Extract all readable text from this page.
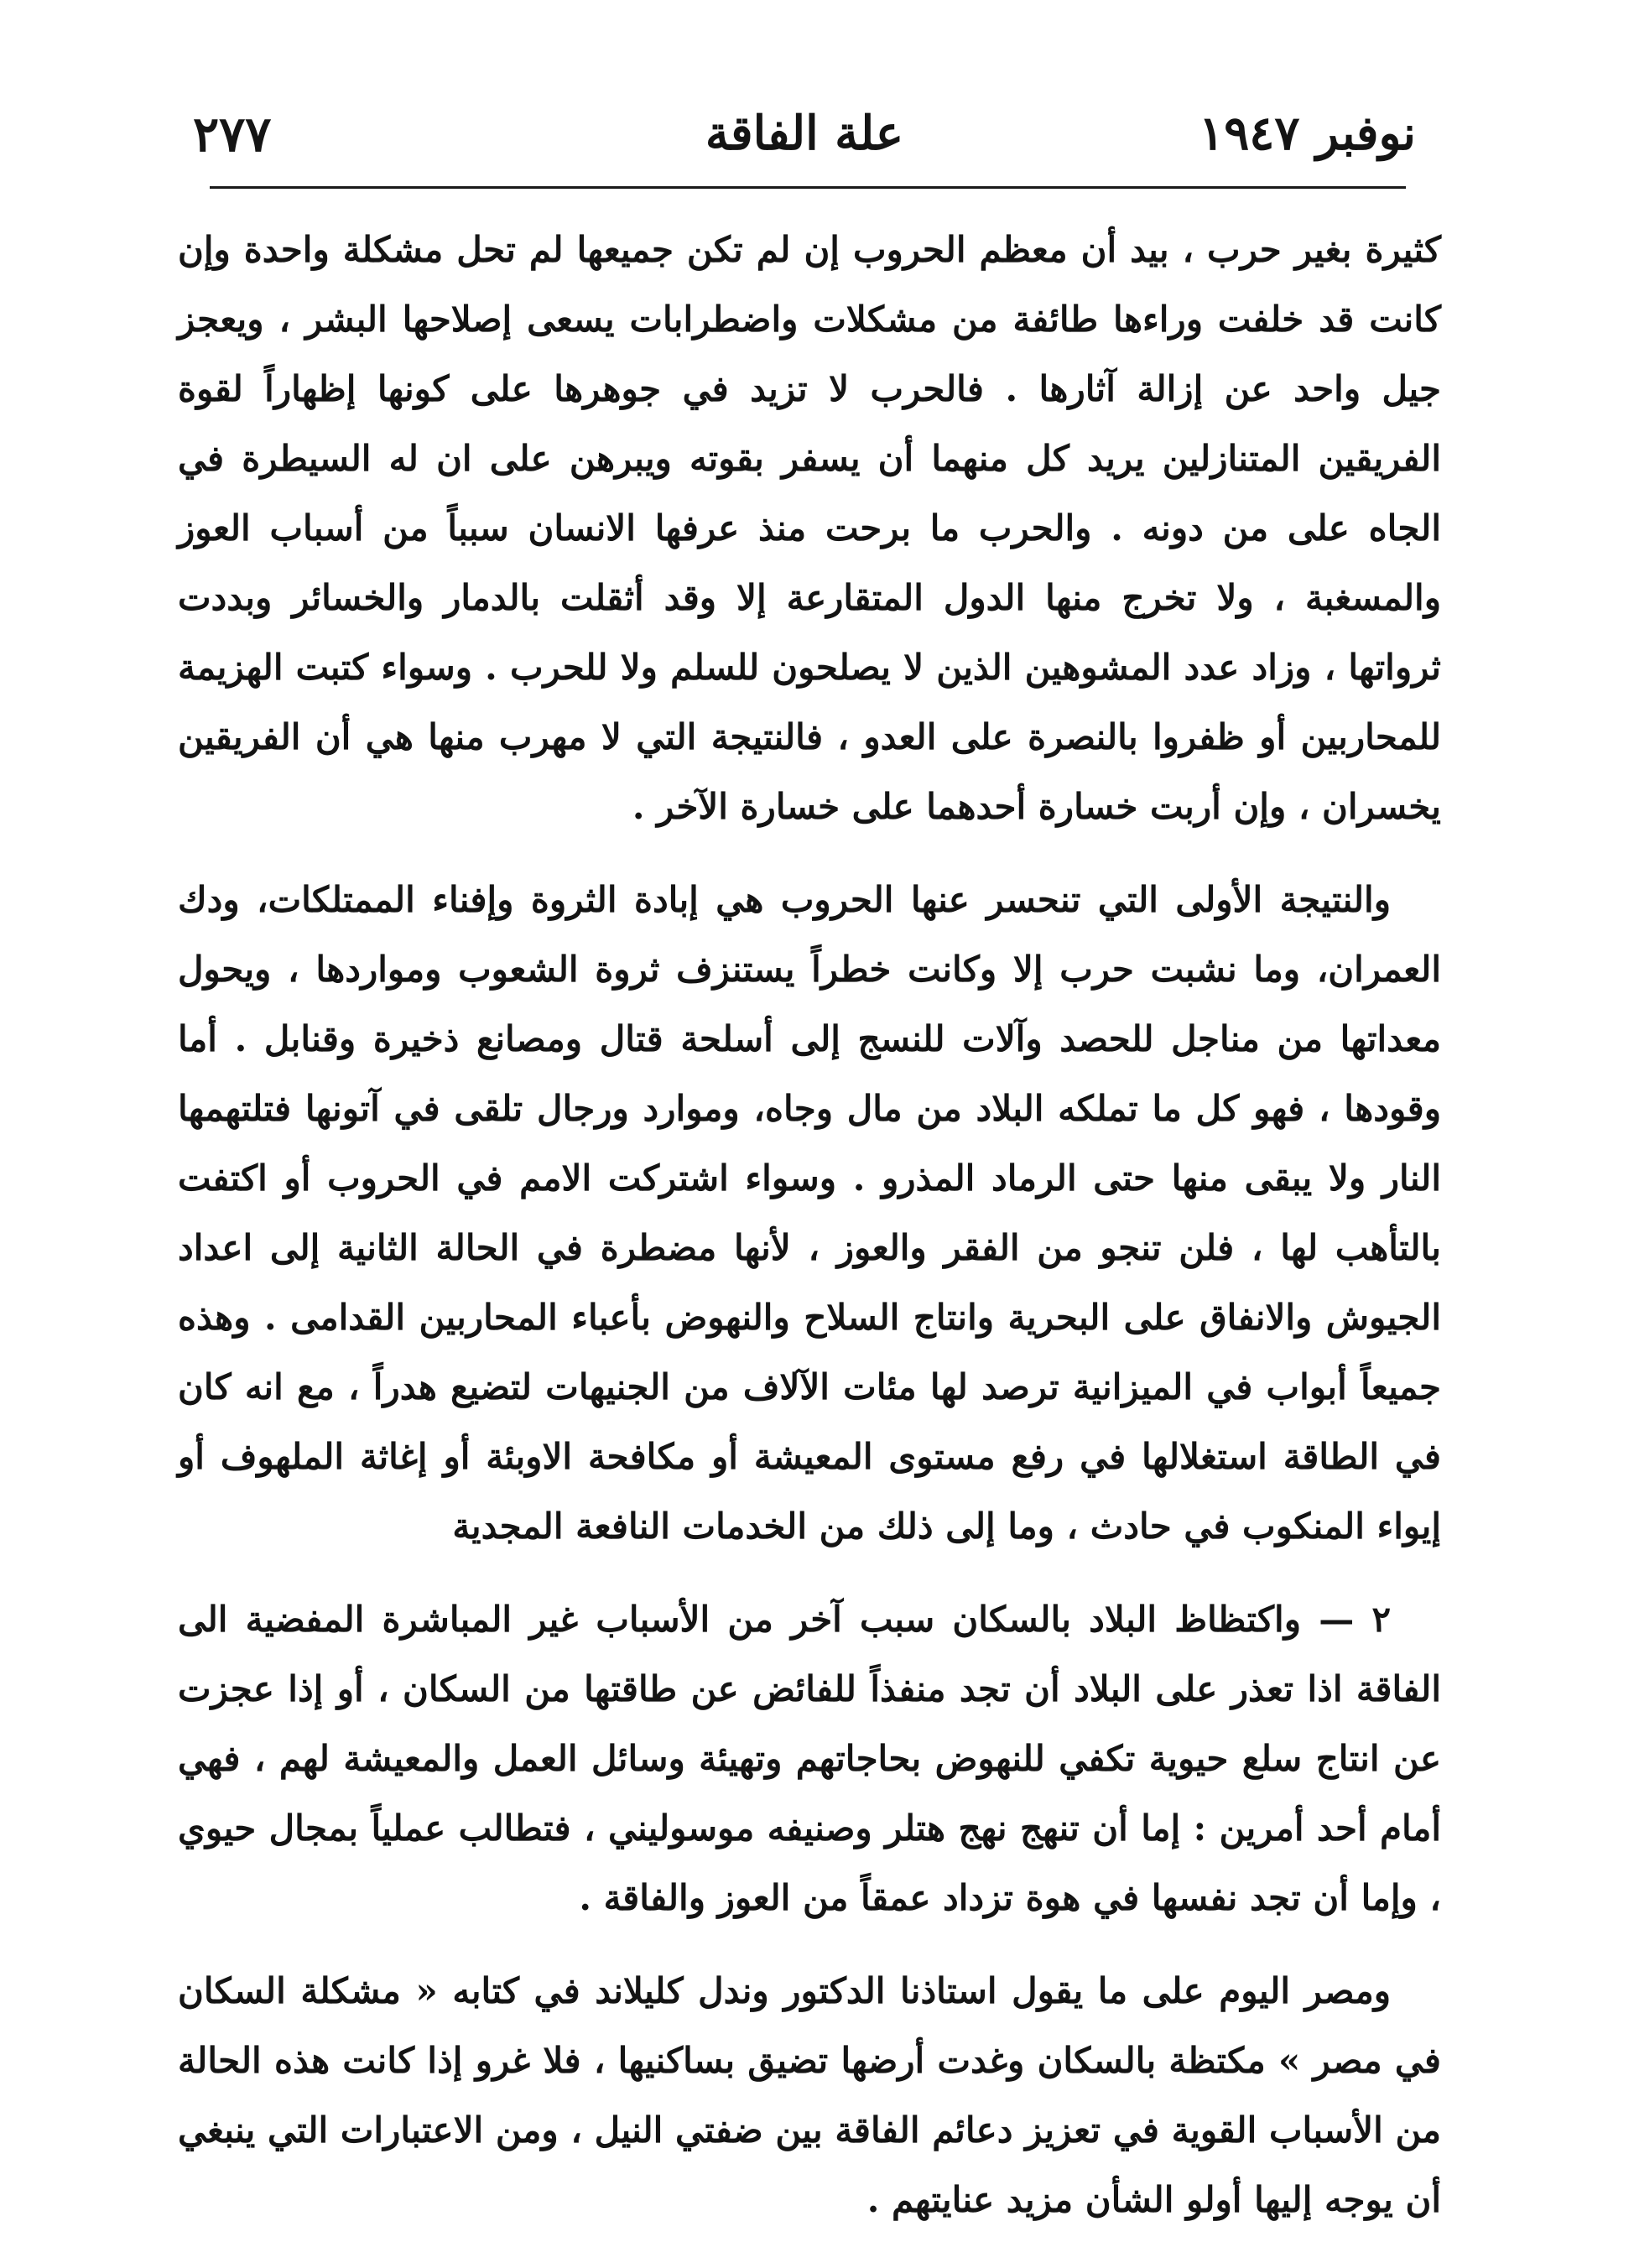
٢٧٧	علة الفاقة	نوفبر ١٩٤٧

كثيرة بغير حرب ، بيد أن معظم الحروب إن لم تكن جميعها لم تحل مشكلة واحدة وإن كانت قد خلفت وراءها طائفة من مشكلات واضطرابات يسعى إصلاحها البشر ، ويعجز جيل واحد عن إزالة آثارها . فالحرب لا تزيد في جوهرها على كونها إظهاراً لقوة الفريقين المتنازلين يريد كل منهما أن يسفر بقوته ويبرهن على ان له السيطرة في الجاه على من دونه . والحرب ما برحت منذ عرفها الانسان سبباً من أسباب العوز والمسغبة ، ولا تخرج منها الدول المتقارعة إلا وقد أثقلت بالدمار والخسائر وبددت ثرواتها ، وزاد عدد المشوهين الذين لا يصلحون للسلم ولا للحرب . وسواء كتبت الهزيمة للمحاربين أو ظفروا بالنصرة على العدو ، فالنتيجة التي لا مهرب منها هي أن الفريقين يخسران ، وإن أربت خسارة أحدهما على خسارة الآخر .

والنتيجة الأولى التي تنحسر عنها الحروب هي إبادة الثروة وإفناء الممتلكات، ودك العمران، وما نشبت حرب إلا وكانت خطراً يستنزف ثروة الشعوب ومواردها ، ويحول معداتها من مناجل للحصد وآلات للنسج إلى أسلحة قتال ومصانع ذخيرة وقنابل . أما وقودها ، فهو كل ما تملكه البلاد من مال وجاه، وموارد ورجال تلقى في آتونها فتلتهمها النار ولا يبقى منها حتى الرماد المذرو . وسواء اشتركت الامم في الحروب أو اكتفت بالتأهب لها ، فلن تنجو من الفقر والعوز ، لأنها مضطرة في الحالة الثانية إلى اعداد الجيوش والانفاق على البحرية وانتاج السلاح والنهوض بأعباء المحاربين القدامى . وهذه جميعاً أبواب في الميزانية ترصد لها مئات الآلاف من الجنيهات لتضيع هدراً ، مع انه كان في الطاقة استغلالها في رفع مستوى المعيشة أو مكافحة الاوبئة أو إغاثة الملهوف أو إيواء المنكوب في حادث ، وما إلى ذلك من الخدمات النافعة المجدية

٢ — واكتظاظ البلاد بالسكان سبب آخر من الأسباب غير المباشرة المفضية الى الفاقة اذا تعذر على البلاد أن تجد منفذاً للفائض عن طاقتها من السكان ، أو إذا عجزت عن انتاج سلع حيوية تكفي للنهوض بحاجاتهم وتهيئة وسائل العمل والمعيشة لهم ، فهي أمام أحد أمرين : إما أن تنهج نهج هتلر وصنيفه موسوليني ، فتطالب عملياً بمجال حيوي ، وإما أن تجد نفسها في هوة تزداد عمقاً من العوز والفاقة .

ومصر اليوم على ما يقول استاذنا الدكتور وندل كليلاند في كتابه « مشكلة السكان في مصر » مكتظة بالسكان وغدت أرضها تضيق بساكنيها ، فلا غرو إذا كانت هذه الحالة من الأسباب القوية في تعزيز دعائم الفاقة بين ضفتي النيل ، ومن الاعتبارات التي ينبغي أن يوجه إليها أولو الشأن مزيد عنايتهم .
